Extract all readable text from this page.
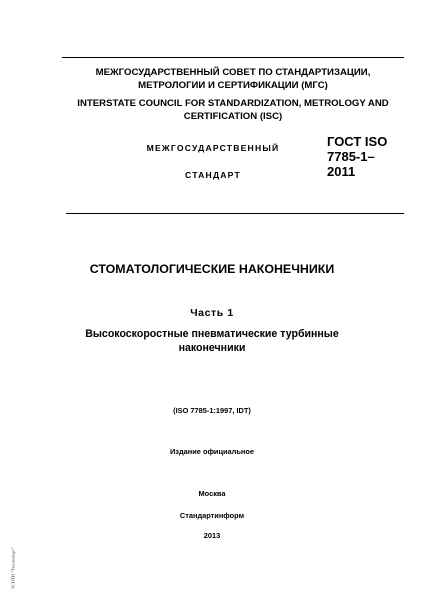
МЕЖГОСУДАРСТВЕННЫЙ СОВЕТ ПО СТАНДАРТИЗАЦИИ, МЕТРОЛОГИИ И СЕРТИФИКАЦИИ (МГС)
INTERSTATE COUNCIL FOR STANDARDIZATION, METROLOGY AND CERTIFICATION (ISC)
МЕЖГОСУДАРСТВЕННЫЙ
СТАНДАРТ
ГОСТ ISO
7785-1–
2011
СТОМАТОЛОГИЧЕСКИЕ НАКОНЕЧНИКИ
Часть 1
Высокоскоростные пневматические турбинные наконечники
(ISO 7785-1:1997, IDT)
Издание официальное
Москва
Стандартинформ
2013
ЭСНТИ "Техэксперт"
